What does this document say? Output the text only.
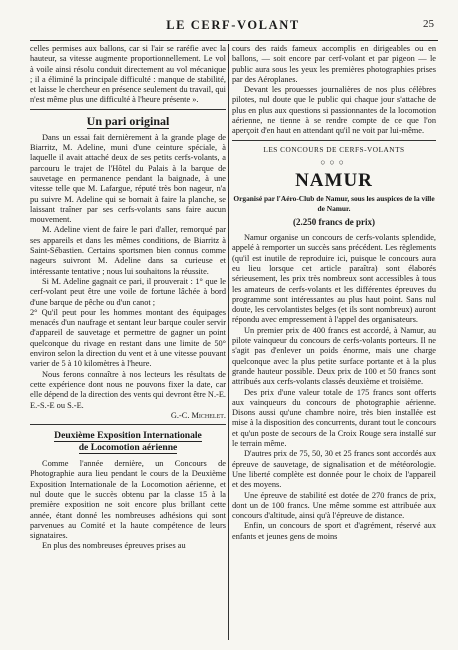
LE CERF-VOLANT	25

celles permises aux ballons, car si l'air se raréfie avec la hauteur, sa vitesse augmente proportionnellement. Le vol à voile ainsi résolu conduit directement au vol mécanique ; il a éliminé la principale difficulté : manque de stabilité, et laisse le chercheur en présence seulement du travail, qui n'est même plus une difficulté à l'heure présente ».

Un pari original

Dans un essai fait dernièrement à la grande plage de Biarritz, M. Adeline, muni d'une ceinture spéciale, à laquelle il avait attaché deux de ses petits cerfs-volants, a parcouru le trajet de l'Hôtel du Palais à la barque de sauvetage en permanence pendant la baignade, à une vitesse telle que M. Lafargue, réputé très bon nageur, n'a pu suivre M. Adeline qui se bornait à faire la planche, se laissant traîner par ses cerfs-volants sans faire aucun mouvement.

M. Adeline vient de faire le pari d'aller, remorqué par ses appareils et dans les mêmes conditions, de Biarritz à Saint-Sébastien. Certains sportsmen bien connus comme nageurs suivront M. Adeline dans sa curieuse et intéressante tentative ; nous lui souhaitons la réussite.

Si M. Adeline gagnait ce pari, il prouverait : 1° que le cerf-volant peut être une voile de fortune lâchée à bord d'une barque de pêche ou d'un canot ;
2° Qu'il peut pour les hommes montant des équipages menacés d'un naufrage et sentant leur barque couler servir d'appareil de sauvetage et permettre de gagner un point quelconque du rivage en restant dans une limite de 50° environ selon la direction du vent et à une vitesse pouvant varier de 5 à 10 kilomètres à l'heure.

Nous ferons connaître à nos lecteurs les résultats de cette expérience dont nous ne pouvons fixer la date, car elle dépend de la direction des vents qui devront être N.-E. E.-S.-E ou S.-E.

G.-C. Michelet.

Deuxième Exposition Internationale
de Locomotion aérienne

Comme l'année dernière, un Concours de Photographie aura lieu pendant le cours de la Deuxième Exposition Internationale de la Locomotion aérienne, et nul doute que le succès obtenu par la classe 15 à la première exposition ne soit encore plus brillant cette année, étant donné les nombreuses adhésions qui sont parvenues au Comité et la haute compétence de leurs signataires.

En plus des nombreuses épreuves prises au

cours des raids fameux accomplis en dirigeables ou en ballons, — soit encore par cerf-volant et par pigeon — le public aura sous les yeux les premières photographies prises par des Aéroplanes.

Devant les prouesses journalières de nos plus célèbres pilotes, nul doute que le public qui chaque jour s'attache de plus en plus aux questions si passionnantes de la locomotion aérienne, ne tienne à se rendre compte de ce que l'on aperçoit d'en haut en attendant qu'il ne voit par lui-même.

LES CONCOURS DE CERFS-VOLANTS
○○○
NAMUR
Organisé par l'Aéro-Club de Namur, sous les auspices de la ville de Namur.
(2.250 francs de prix)

Namur organise un concours de cerfs-volants splendide, appelé à remporter un succès sans précédent. Les règlements (qu'il est inutile de reproduire ici, puisque le concours aura eu lieu lorsque cet article paraîtra) sont élaborés sérieusement, les prix très nombreux sont accessibles à tous les amateurs de cerfs-volants et les différentes épreuves du programme sont intéressantes au plus haut point. Sans nul doute, les cervolantistes belges (et ils sont nombreux) auront répondu avec empressement à l'appel des organisateurs.

Un premier prix de 400 francs est accordé, à Namur, au pilote vainqueur du concours de cerfs-volants porteurs. Il ne s'agit pas d'enlever un poids énorme, mais une charge quelconque avec la plus petite surface portante et à la plus grande hauteur possible. Deux prix de 100 et 50 francs sont attribués aux cerfs-volants classés deuxième et troisième.

Des prix d'une valeur totale de 175 francs sont offerts aux vainqueurs du concours de photographie aérienne. Disons aussi qu'une chambre noire, très bien installée est mise à la disposition des concurrents, durant tout le concours et qu'un poste de secours de la Croix Rouge sera installé sur le terrain même.

D'autres prix de 75, 50, 30 et 25 francs sont accordés aux épreuve de sauvetage, de signalisation et de météorologie. Une liberté complète est donnée pour le choix de l'appareil et des moyens.

Une épreuve de stabilité est dotée de 270 francs de prix, dont un de 100 francs. Une même somme est attribuée aux concours d'altitude, ainsi qu'à l'épreuve de distance.

Enfin, un concours de sport et d'agrément, réservé aux enfants et jeunes gens de moins
